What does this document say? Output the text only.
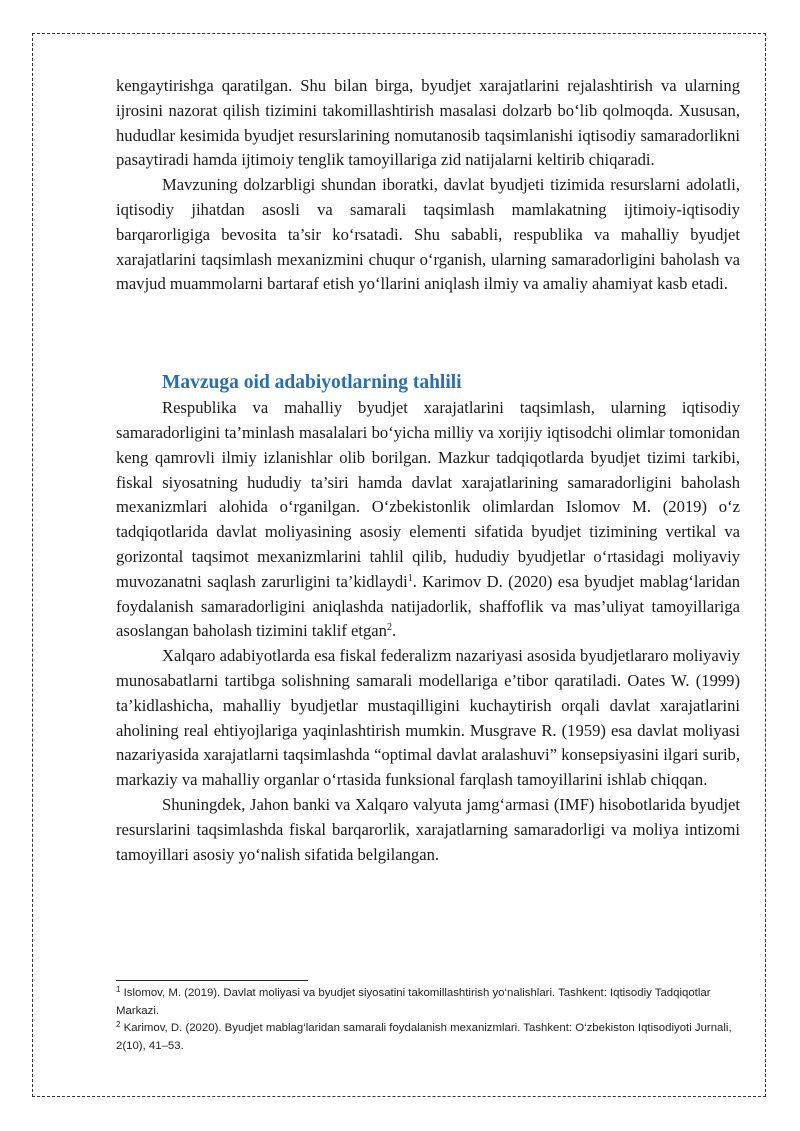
kengaytirishga qaratilgan. Shu bilan birga, byudjet xarajatlarini rejalashtirish va ularning ijrosini nazorat qilish tizimini takomillashtirish masalasi dolzarb bo‘lib qolmoqda. Xususan, hududlar kesimida byudjet resurslarining nomutanosib taqsimlanishi iqtisodiy samaradorlikni pasaytiradi hamda ijtimoiy tenglik tamoyillariga zid natijalarni keltirib chiqaradi.

Mavzuning dolzarbligi shundan iboratki, davlat byudjeti tizimida resurslarni adolatli, iqtisodiy jihatdan asosli va samarali taqsimlash mamlakatning ijtimoiy-iqtisodiy barqarorligiga bevosita ta’sir ko‘rsatadi. Shu sababli, respublika va mahalliy byudjet xarajatlarini taqsimlash mexanizmini chuqur o‘rganish, ularning samaradorligini baholash va mavjud muammolarni bartaraf etish yo‘llarini aniqlash ilmiy va amaliy ahamiyat kasb etadi.

Mavzuga oid adabiyotlarning tahlili

Respublika va mahalliy byudjet xarajatlarini taqsimlash, ularning iqtisodiy samaradorligini ta’minlash masalalari bo‘yicha milliy va xorijiy iqtisodchi olimlar tomonidan keng qamrovli ilmiy izlanishlar olib borilgan. Mazkur tadqiqotlarda byudjet tizimi tarkibi, fiskal siyosatning hududiy ta’siri hamda davlat xarajatlarining samaradorligini baholash mexanizmlari alohida o‘rganilgan. O‘zbekistonlik olimlardan Islomov M. (2019) o‘z tadqiqotlarida davlat moliyasining asosiy elementi sifatida byudjet tizimining vertikal va gorizontal taqsimot mexanizmlarini tahlil qilib, hududiy byudjetlar o‘rtasidagi moliyaviy muvozanatni saqlash zarurligini ta’kidlaydi$^1$. Karimov D. (2020) esa byudjet mablag‘laridan foydalanish samaradorligini aniqlashda natijadorlik, shaffoflik va mas’uliyat tamoyillariga asoslangan baholash tizimini taklif etgan$^2$.

Xalqaro adabiyotlarda esa fiskal federalizm nazariyasi asosida byudjetlararo moliyaviy munosabatlarni tartibga solishning samarali modellariga e’tibor qaratiladi. Oates W. (1999) ta’kidlashicha, mahalliy byudjetlar mustaqilligini kuchaytirish orqali davlat xarajatlarini aholining real ehtiyojlariga yaqinlashtirish mumkin. Musgrave R. (1959) esa davlat moliyasi nazariyasida xarajatlarni taqsimlashda “optimal davlat aralashuvi” konsepsiyasini ilgari surib, markaziy va mahalliy organlar o‘rtasida funksional farqlash tamoyillarini ishlab chiqqan.

Shuningdek, Jahon banki va Xalqaro valyuta jamg‘armasi (IMF) hisobotlarida byudjet resurslarini taqsimlashda fiskal barqarorlik, xarajatlarning samaradorligi va moliya intizomi tamoyillari asosiy yo‘nalish sifatida belgilangan.

$^1$ Islomov, M. (2019). Davlat moliyasi va byudjet siyosatini takomillashtirish yo‘nalishlari. Tashkent: Iqtisodiy Tadqiqotlar Markazi.

$^2$ Karimov, D. (2020). Byudjet mablag‘laridan samarali foydalanish mexanizmlari. Tashkent: O‘zbekiston Iqtisodiyoti Jurnali, 2(10), 41–53.
